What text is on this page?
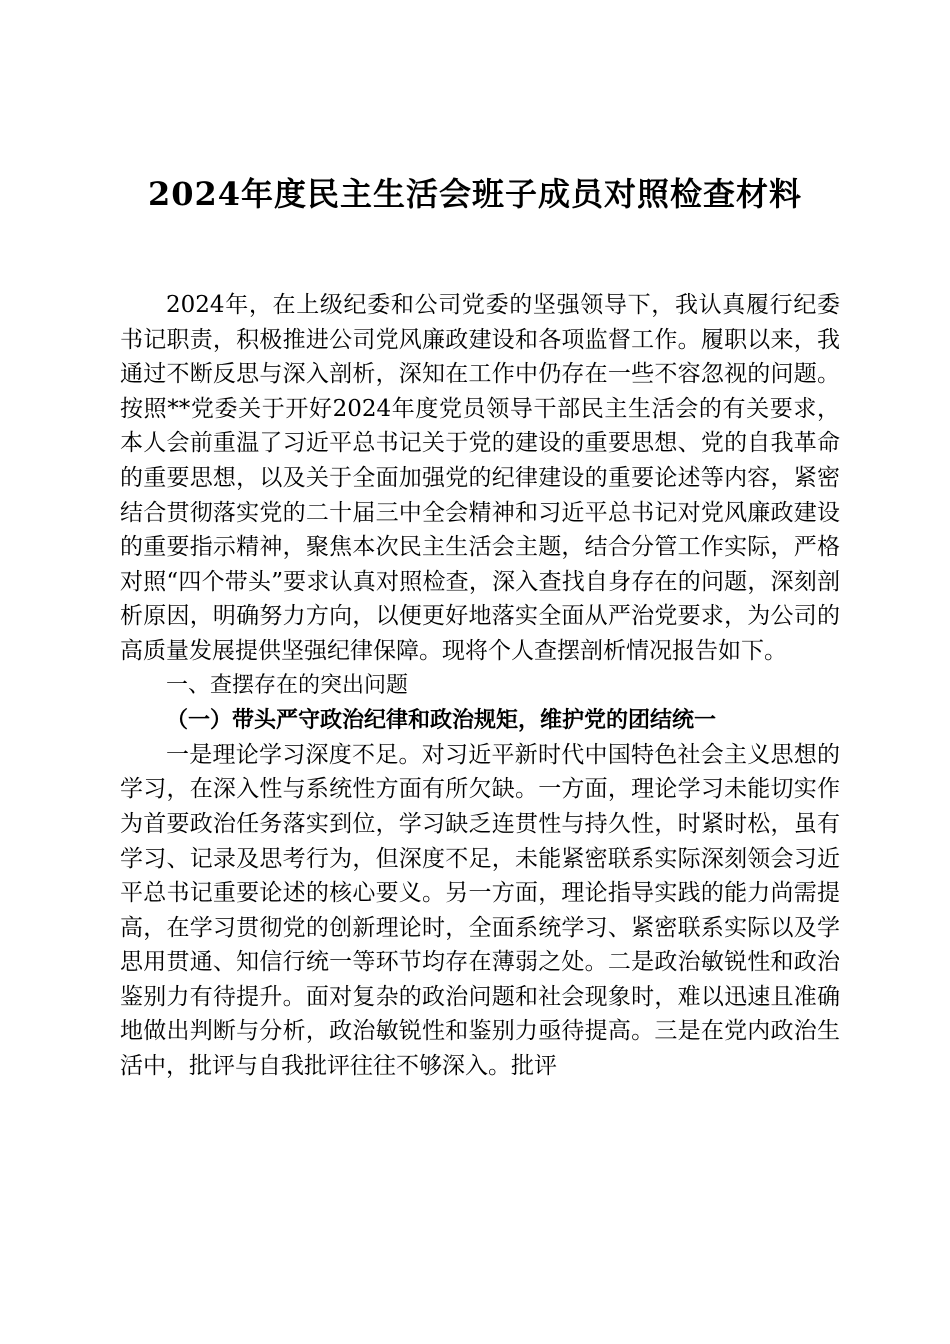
2024年度民主生活会班子成员对照检查材料

2024年，在上级纪委和公司党委的坚强领导下，我认真履行纪委书记职责，积极推进公司党风廉政建设和各项监督工作。履职以来，我通过不断反思与深入剖析，深知在工作中仍存在一些不容忽视的问题。按照**党委关于开好2024年度党员领导干部民主生活会的有关要求，本人会前重温了习近平总书记关于党的建设的重要思想、党的自我革命的重要思想，以及关于全面加强党的纪律建设的重要论述等内容，紧密结合贯彻落实党的二十届三中全会精神和习近平总书记对党风廉政建设的重要指示精神，聚焦本次民主生活会主题，结合分管工作实际，严格对照“四个带头”要求认真对照检查，深入查找自身存在的问题，深刻剖析原因，明确努力方向，以便更好地落实全面从严治党要求，为公司的高质量发展提供坚强纪律保障。现将个人查摆剖析情况报告如下。

一、查摆存在的突出问题

（一）带头严守政治纪律和政治规矩，维护党的团结统一

一是理论学习深度不足。对习近平新时代中国特色社会主义思想的学习，在深入性与系统性方面有所欠缺。一方面，理论学习未能切实作为首要政治任务落实到位，学习缺乏连贯性与持久性，时紧时松，虽有学习、记录及思考行为，但深度不足，未能紧密联系实际深刻领会习近平总书记重要论述的核心要义。另一方面，理论指导实践的能力尚需提高，在学习贯彻党的创新理论时，全面系统学习、紧密联系实际以及学思用贯通、知信行统一等环节均存在薄弱之处。二是政治敏锐性和政治鉴别力有待提升。面对复杂的政治问题和社会现象时，难以迅速且准确地做出判断与分析，政治敏锐性和鉴别力亟待提高。三是在党内政治生活中，批评与自我批评往往不够深入。批评
